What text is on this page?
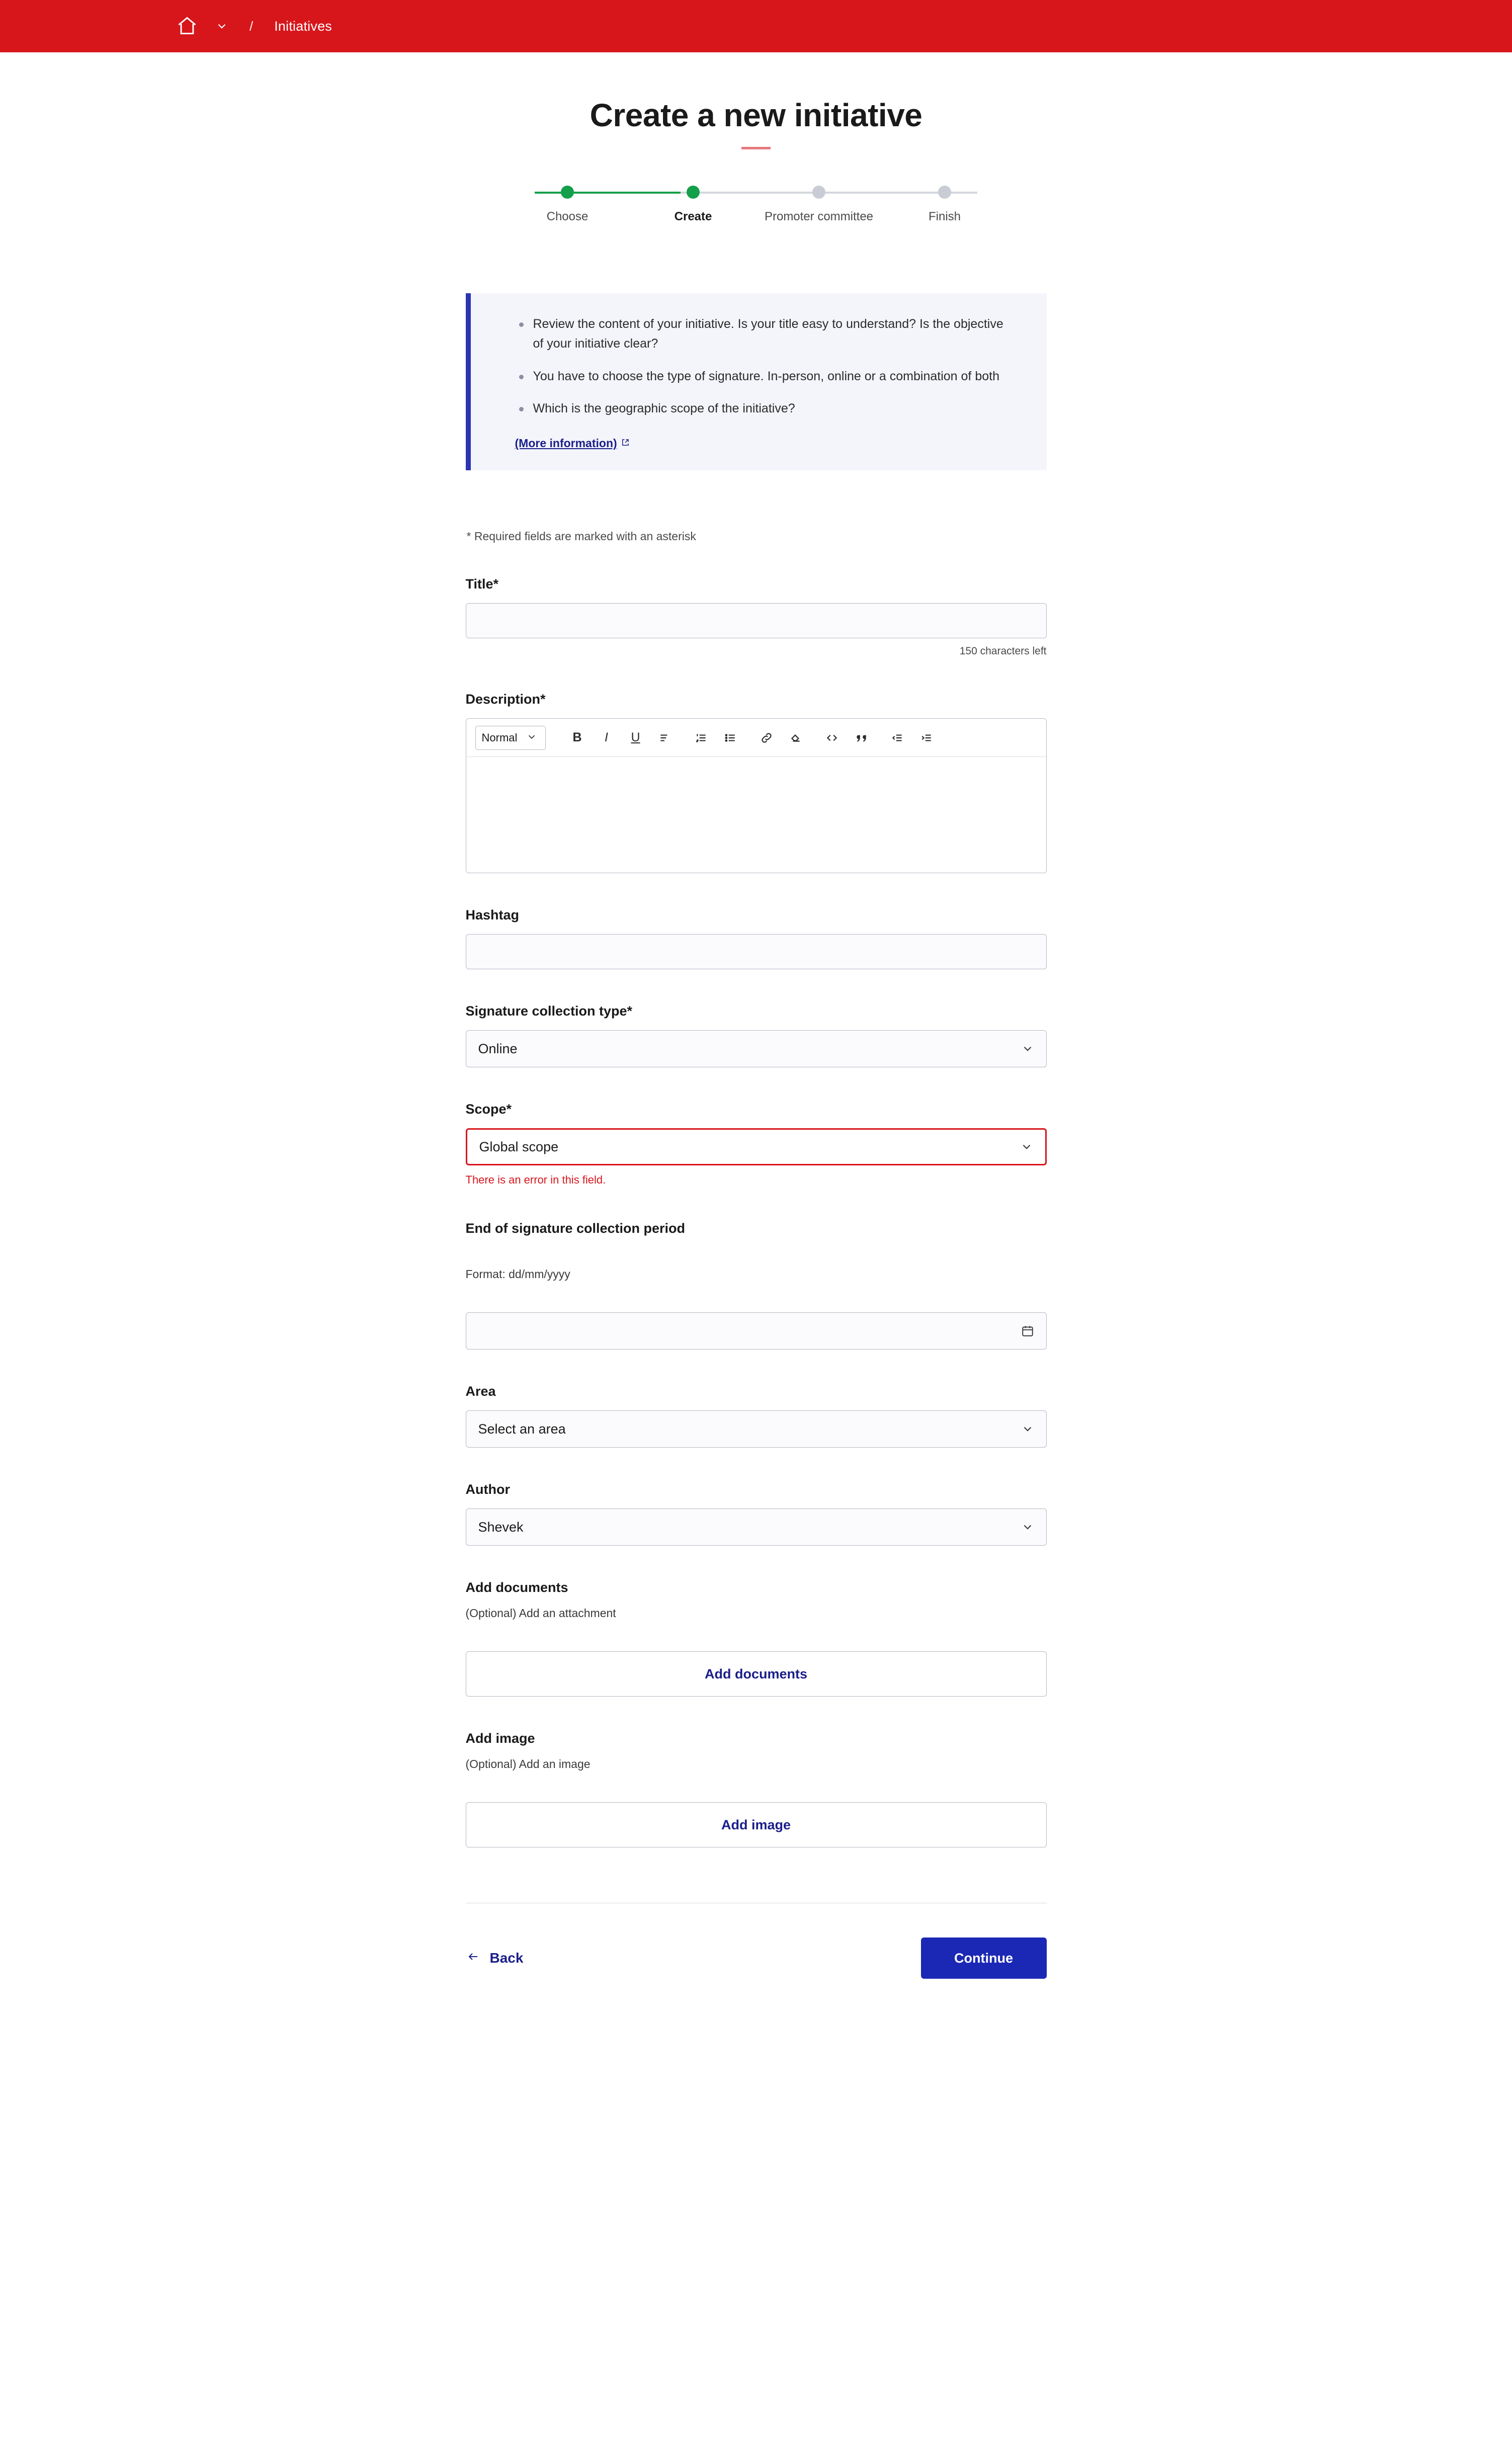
/ Initiatives
Create a new initiative
Choose	Create	Promoter committee	Finish
Review the content of your initiative. Is your title easy to understand? Is the objective of your initiative clear?
You have to choose the type of signature. In-person, online or a combination of both
Which is the geographic scope of the initiative?
(More information)
* Required fields are marked with an asterisk
Title*
150 characters left
Description*
Normal	B I U
Hashtag
Signature collection type*
Online
Scope*
Global scope
There is an error in this field.
End of signature collection period
Format: dd/mm/yyyy
Area
Select an area
Author
Shevek
Add documents
(Optional) Add an attachment
Add documents
Add image
(Optional) Add an image
Add image
Back	Continue
